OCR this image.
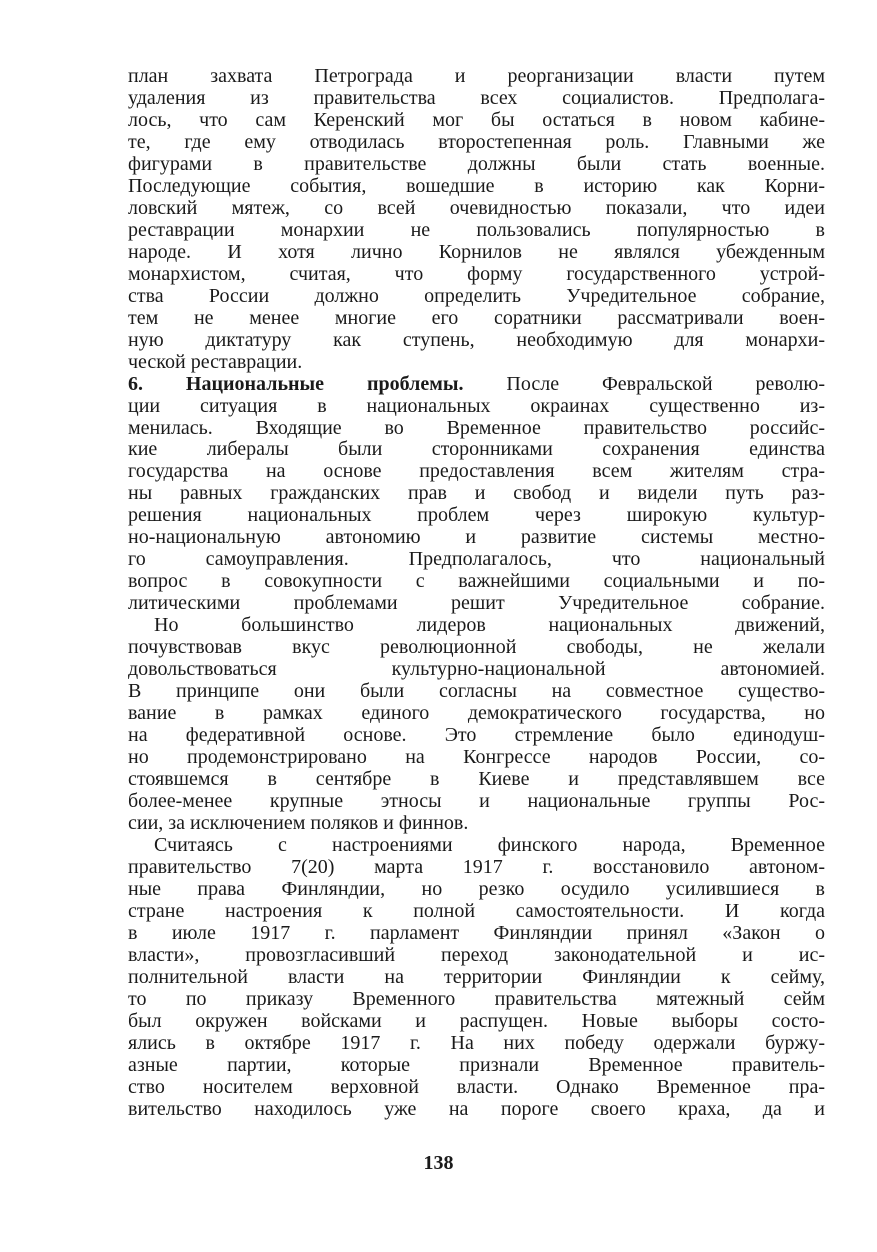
план захвата Петрограда и реорганизации власти путем
удаления из правительства всех социалистов. Предполага-
лось, что сам Керенский мог бы остаться в новом кабине-
те, где ему отводилась второстепенная роль. Главными же
фигурами в правительстве должны были стать военные.
Последующие события, вошедшие в историю как Корни-
ловский мятеж, со всей очевидностью показали, что идеи
реставрации монархии не пользовались популярностью в
народе. И хотя лично Корнилов не являлся убежденным
монархистом, считая, что форму государственного устрой-
ства России должно определить Учредительное собрание,
тем не менее многие его соратники рассматривали воен-
ную диктатуру как ступень, необходимую для монархи-
ческой реставрации.
6. Национальные проблемы. После Февральской револю-
ции ситуация в национальных окраинах существенно из-
менилась. Входящие во Временное правительство российс-
кие либералы были сторонниками сохранения единства
государства на основе предоставления всем жителям стра-
ны равных гражданских прав и свобод и видели путь раз-
решения национальных проблем через широкую культур-
но-национальную автономию и развитие системы местно-
го самоуправления. Предполагалось, что национальный
вопрос в совокупности с важнейшими социальными и по-
литическими проблемами решит Учредительное собрание.
Но большинство лидеров национальных движений,
почувствовав вкус революционной свободы, не желали
довольствоваться культурно-национальной автономией.
В принципе они были согласны на совместное существо-
вание в рамках единого демократического государства, но
на федеративной основе. Это стремление было единодуш-
но продемонстрировано на Конгрессе народов России, со-
стоявшемся в сентябре в Киеве и представлявшем все
более-менее крупные этносы и национальные группы Рос-
сии, за исключением поляков и финнов.
Считаясь с настроениями финского народа, Временное
правительство 7(20) марта 1917 г. восстановило автоном-
ные права Финляндии, но резко осудило усилившиеся в
стране настроения к полной самостоятельности. И когда
в июле 1917 г. парламент Финляндии принял «Закон о
власти», провозгласивший переход законодательной и ис-
полнительной власти на территории Финляндии к сейму,
то по приказу Временного правительства мятежный сейм
был окружен войсками и распущен. Новые выборы состо-
ялись в октябре 1917 г. На них победу одержали буржу-
азные партии, которые признали Временное правитель-
ство носителем верховной власти. Однако Временное пра-
вительство находилось уже на пороге своего краха, да и
138
